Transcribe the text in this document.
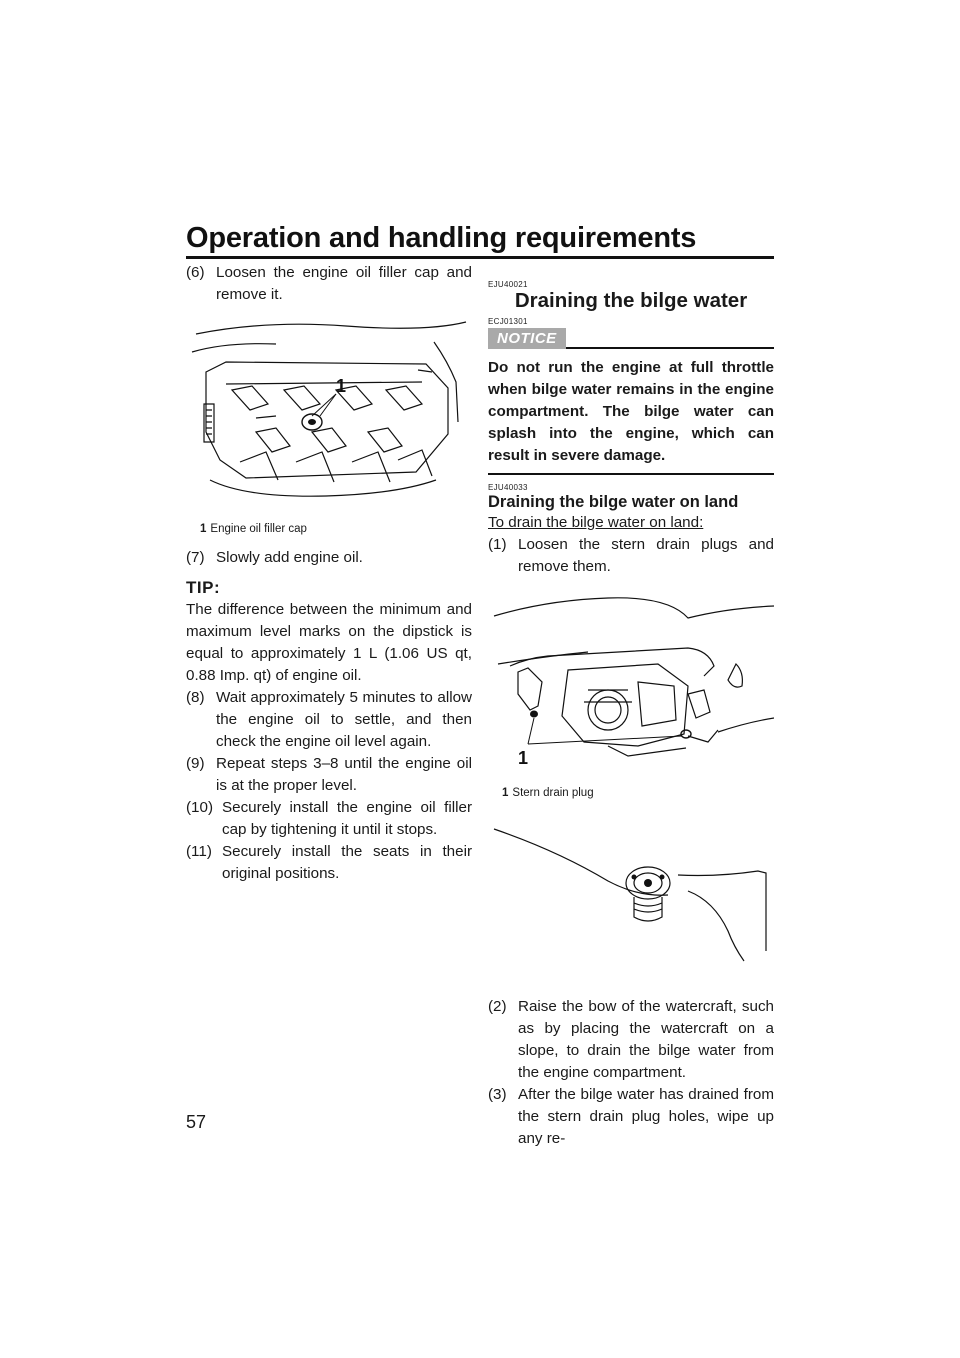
Operation and handling requirements
(6) Loosen the engine oil filler cap and remove it.
1
1 Engine oil filler cap
(7) Slowly add engine oil.
TIP:

The difference between the minimum and maximum level marks on the dipstick is equal to approximately 1 L (1.06 US qt, 0.88 Imp. qt) of engine oil.

(8) Wait approximately 5 minutes to allow the engine oil to settle, and then check the engine oil level again.
(9) Repeat steps 3–8 until the engine oil is at the proper level.
(10) Securely install the engine oil filler cap by tightening it until it stops.
(11) Securely install the seats in their original positions.
EJU40021
Draining the bilge water
ECJ01301
NOTICE

Do not run the engine at full throttle when bilge water remains in the engine compartment. The bilge water can splash into the engine, which can result in severe damage.

EJU40033
Draining the bilge water on land
To drain the bilge water on land:
(1) Loosen the stern drain plugs and remove them.
1
1 Stern drain plug
(2) Raise the bow of the watercraft, such as by placing the watercraft on a slope, to drain the bilge water from the engine compartment.
(3) After the bilge water has drained from the stern drain plug holes, wipe up any re-
57
